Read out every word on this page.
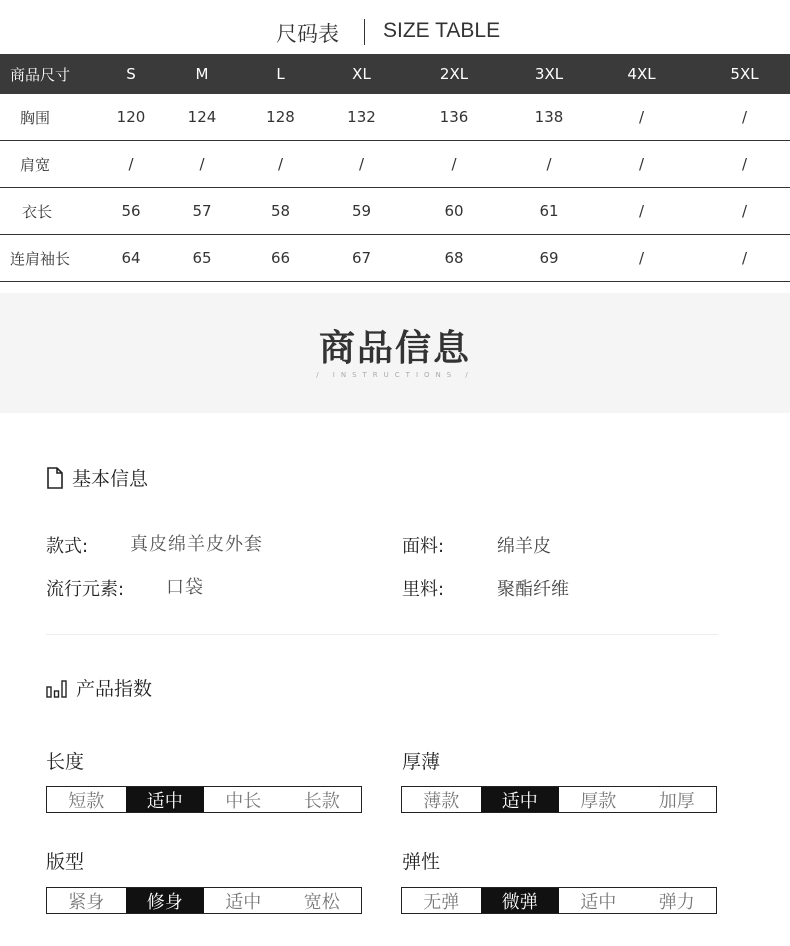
尺码表 SIZE TABLE
商品尺寸	S	M	L	XL	2XL	3XL	4XL	5XL
胸围	120	124	128	132	136	138	/	/
肩宽	/	/	/	/	/	/	/	/
衣长	56	57	58	59	60	61	/	/
连肩袖长	64	65	66	67	68	69	/	/
商品信息
/ INSTRUCTIONS /
基本信息
款式: 真皮绵羊皮外套	面料:	绵羊皮
流行元素: 口袋	里料:	聚酯纤维
产品指数
长度
短款	适中	中长	长款
厚薄
薄款	适中	厚款	加厚
版型
紧身	修身	适中	宽松
弹性
无弹	微弹	适中	弹力
